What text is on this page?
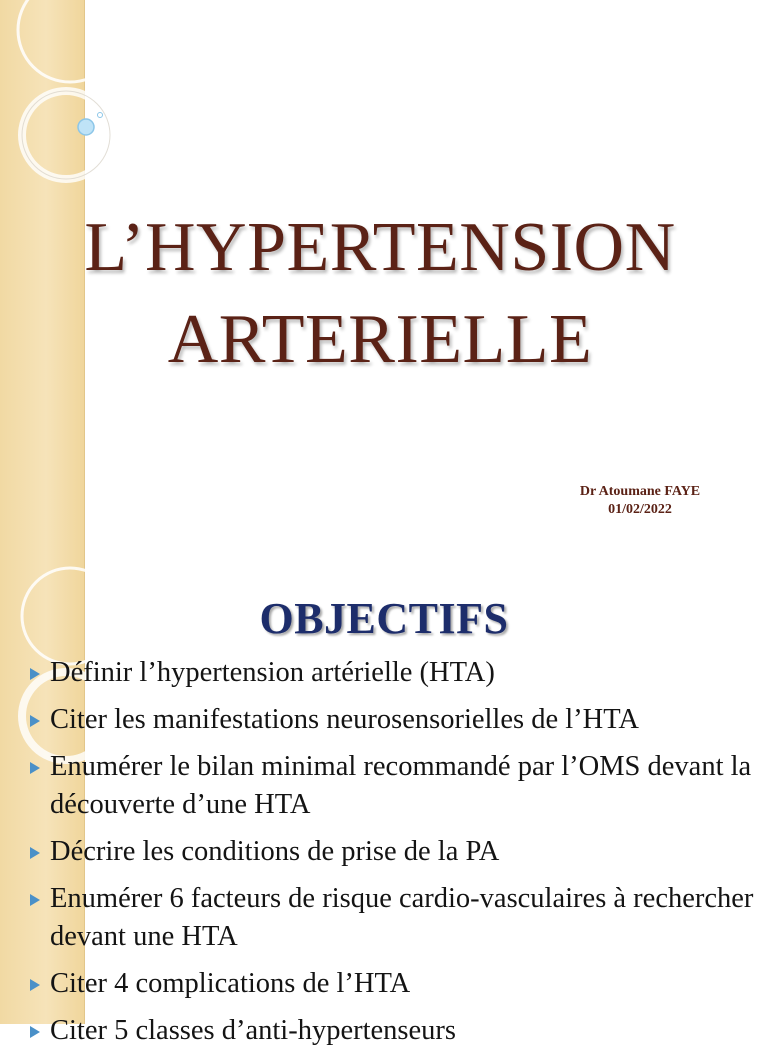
L’HYPERTENSION
ARTERIELLE
Dr Atoumane FAYE
01/02/2022
OBJECTIFS
Définir l’hypertension artérielle (HTA)
Citer les manifestations neurosensorielles de l’HTA
Enumérer le bilan minimal recommandé par l’OMS devant la découverte d’une HTA
Décrire les conditions de prise de la PA
Enumérer 6 facteurs de risque cardio-vasculaires à rechercher devant une HTA
Citer 4 complications de l’HTA
Citer 5 classes d’anti-hypertenseurs
